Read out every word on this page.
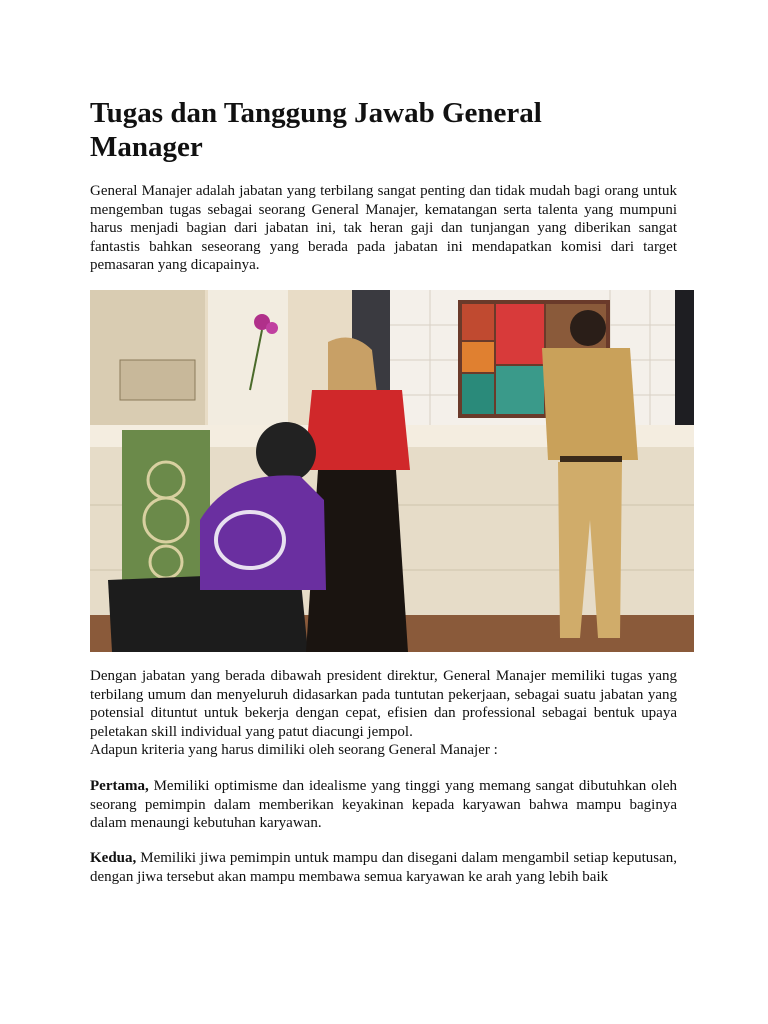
Tugas dan Tanggung Jawab General Manager

General Manajer adalah jabatan yang terbilang sangat penting dan tidak mudah bagi orang untuk mengemban tugas sebagai seorang General Manajer, kematangan serta talenta yang mumpuni harus menjadi bagian dari jabatan ini, tak heran gaji dan tunjangan yang diberikan sangat fantastis bahkan seseorang yang berada pada jabatan ini mendapatkan komisi dari target pemasaran yang dicapainya.

Dengan jabatan yang berada dibawah president direktur, General Manajer memiliki tugas yang terbilang umum dan menyeluruh didasarkan pada tuntutan pekerjaan, sebagai suatu jabatan yang potensial dituntut untuk bekerja dengan cepat, efisien dan professional sebagai bentuk upaya peletakan skill individual yang patut diacungi jempol.

Adapun kriteria yang harus dimiliki oleh seorang General Manajer :

Pertama, Memiliki optimisme dan idealisme yang tinggi yang memang sangat dibutuhkan oleh seorang pemimpin dalam memberikan keyakinan kepada karyawan bahwa mampu baginya dalam menaungi kebutuhan karyawan.

Kedua, Memiliki jiwa pemimpin untuk mampu dan disegani dalam mengambil setiap keputusan, dengan jiwa tersebut akan mampu membawa semua karyawan ke arah yang lebih baik
